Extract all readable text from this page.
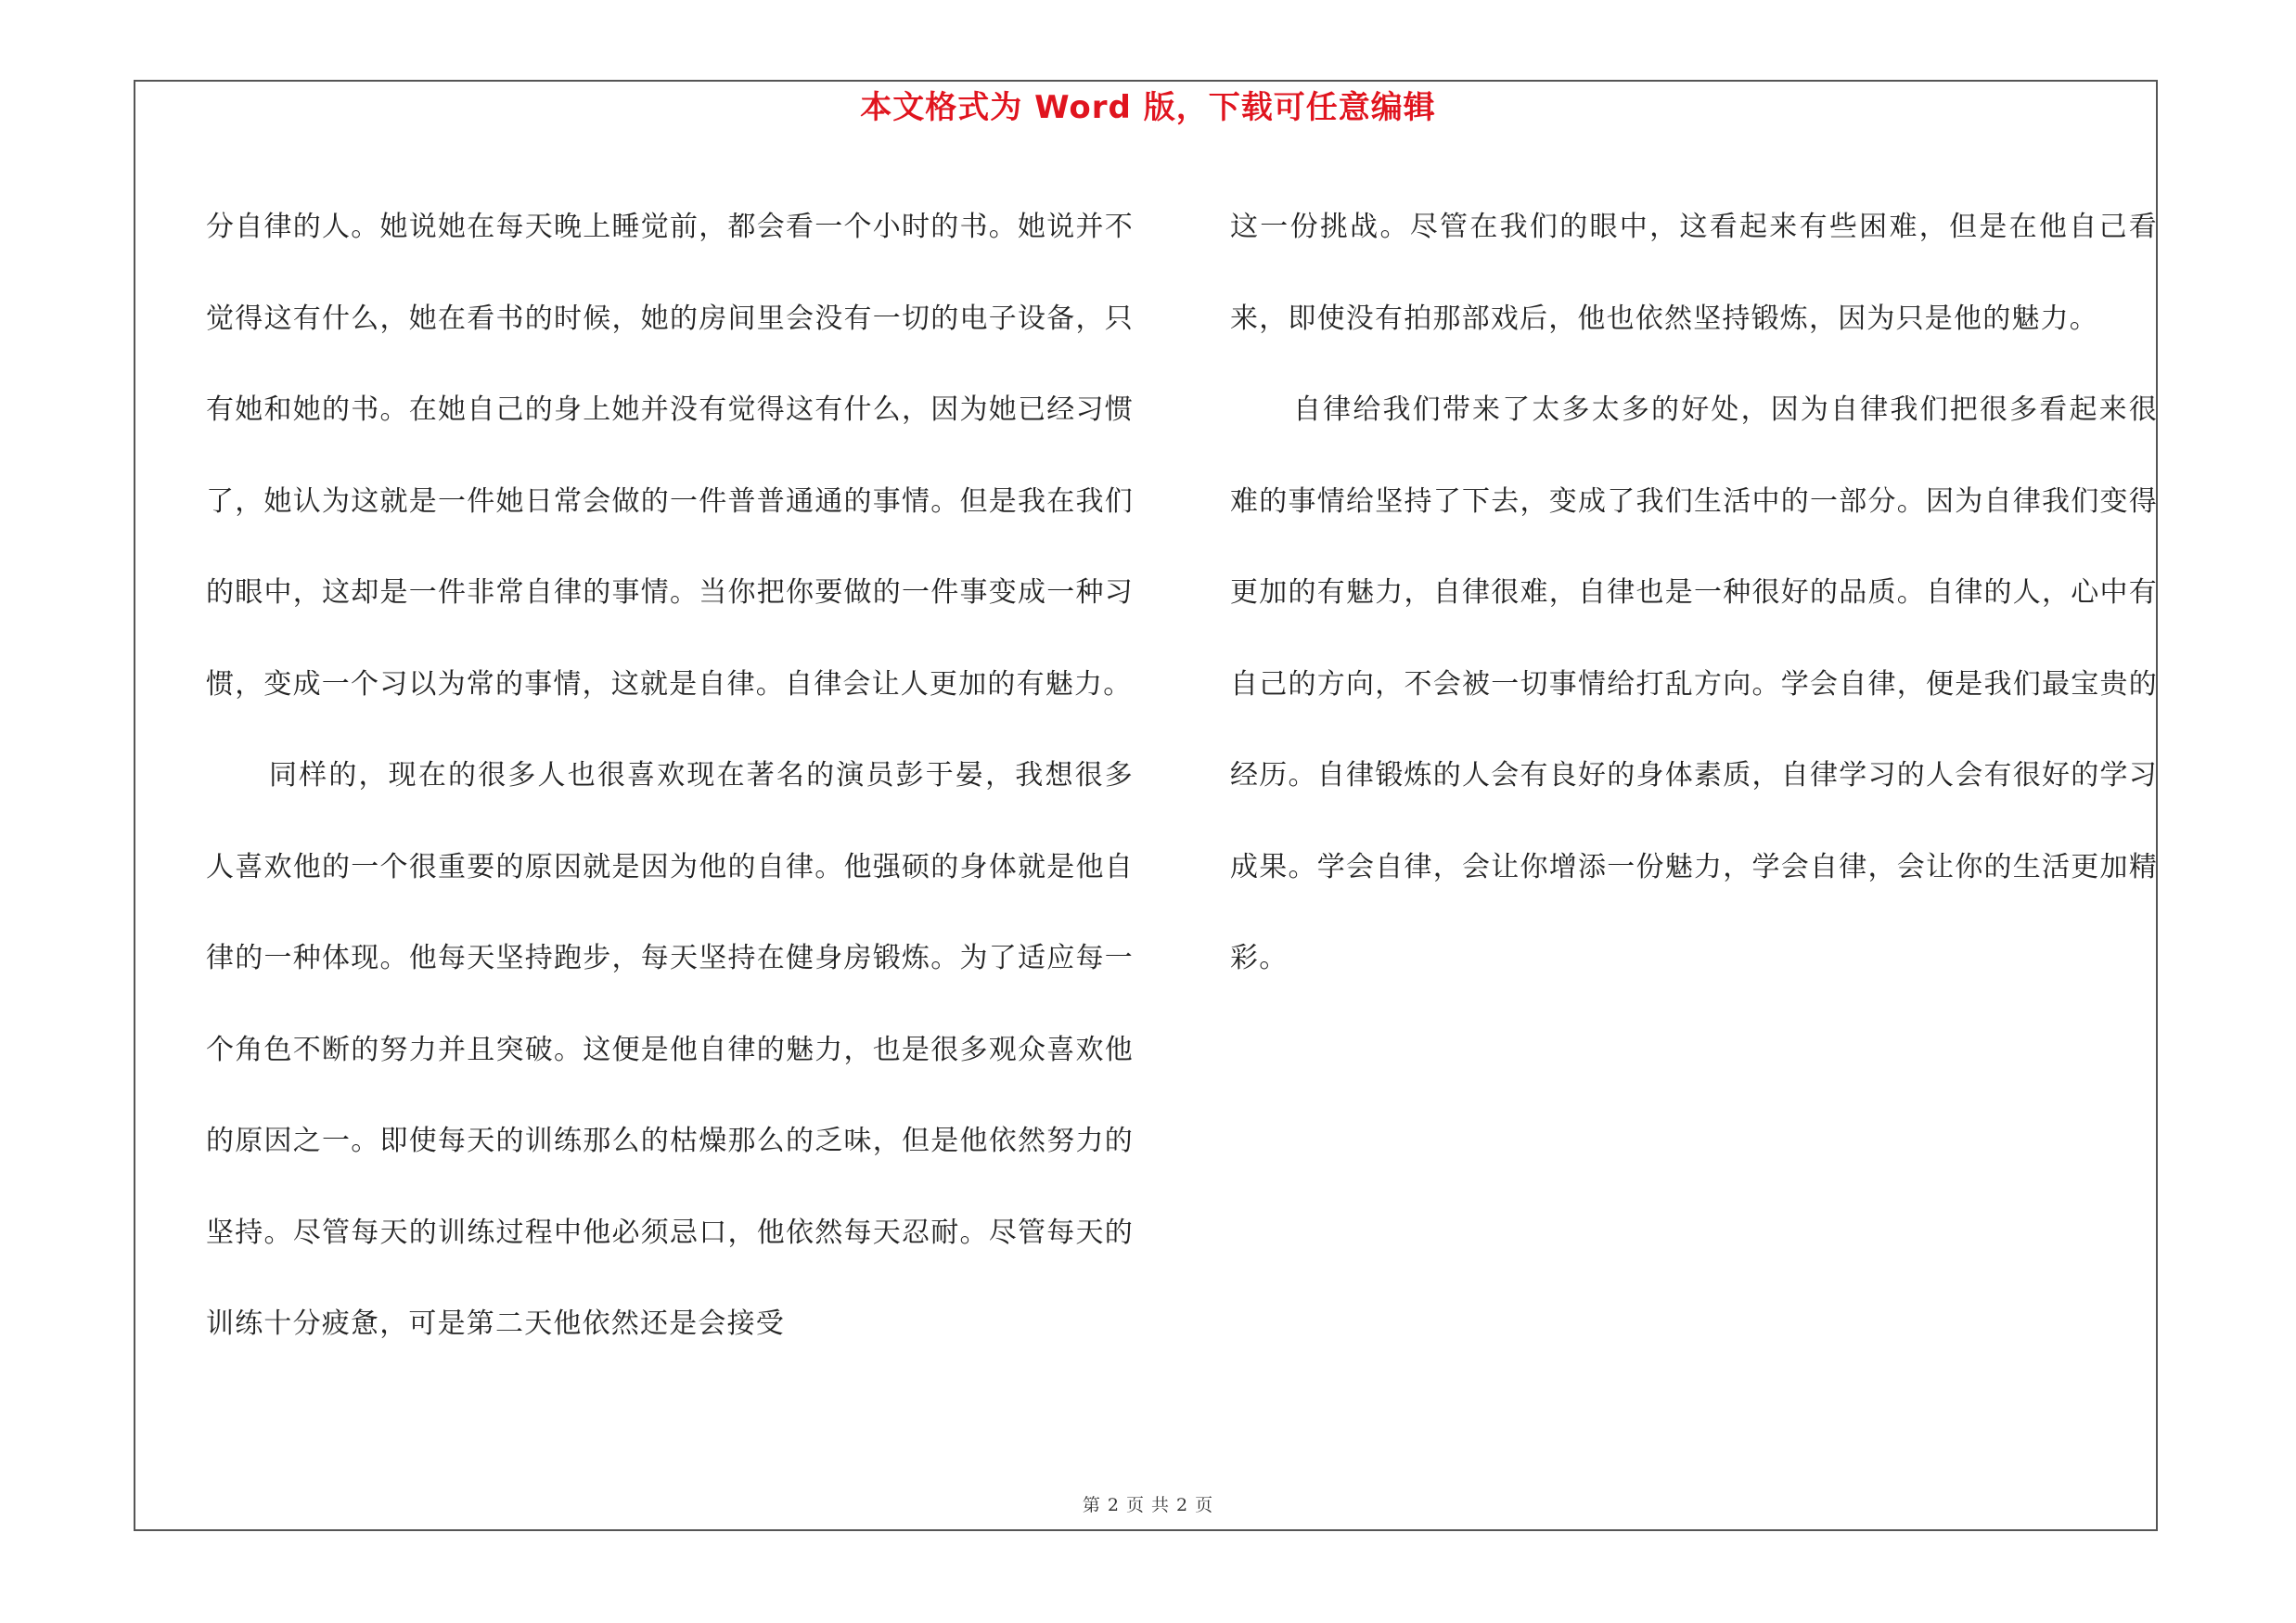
本文格式为 Word 版，下载可任意编辑

分自律的人。她说她在每天晚上睡觉前，都会看一个小时的书。她说并不觉得这有什么，她在看书的时候，她的房间里会没有一切的电子设备，只有她和她的书。在她自己的身上她并没有觉得这有什么，因为她已经习惯了，她认为这就是一件她日常会做的一件普普通通的事情。但是我在我们的眼中，这却是一件非常自律的事情。当你把你要做的一件事变成一种习惯，变成一个习以为常的事情，这就是自律。自律会让人更加的有魅力。

同样的，现在的很多人也很喜欢现在著名的演员彭于晏，我想很多人喜欢他的一个很重要的原因就是因为他的自律。他强硕的身体就是他自律的一种体现。他每天坚持跑步，每天坚持在健身房锻炼。为了适应每一个角色不断的努力并且突破。这便是他自律的魅力，也是很多观众喜欢他的原因之一。即使每天的训练那么的枯燥那么的乏味，但是他依然努力的坚持。尽管每天的训练过程中他必须忌口，他依然每天忍耐。尽管每天的训练十分疲惫，可是第二天他依然还是会接受

这一份挑战。尽管在我们的眼中，这看起来有些困难，但是在他自己看来，即使没有拍那部戏后，他也依然坚持锻炼，因为只是他的魅力。

自律给我们带来了太多太多的好处，因为自律我们把很多看起来很难的事情给坚持了下去，变成了我们生活中的一部分。因为自律我们变得更加的有魅力，自律很难，自律也是一种很好的品质。自律的人，心中有自己的方向，不会被一切事情给打乱方向。学会自律，便是我们最宝贵的经历。自律锻炼的人会有良好的身体素质，自律学习的人会有很好的学习成果。学会自律，会让你增添一份魅力，学会自律，会让你的生活更加精彩。

第 2 页 共 2 页
